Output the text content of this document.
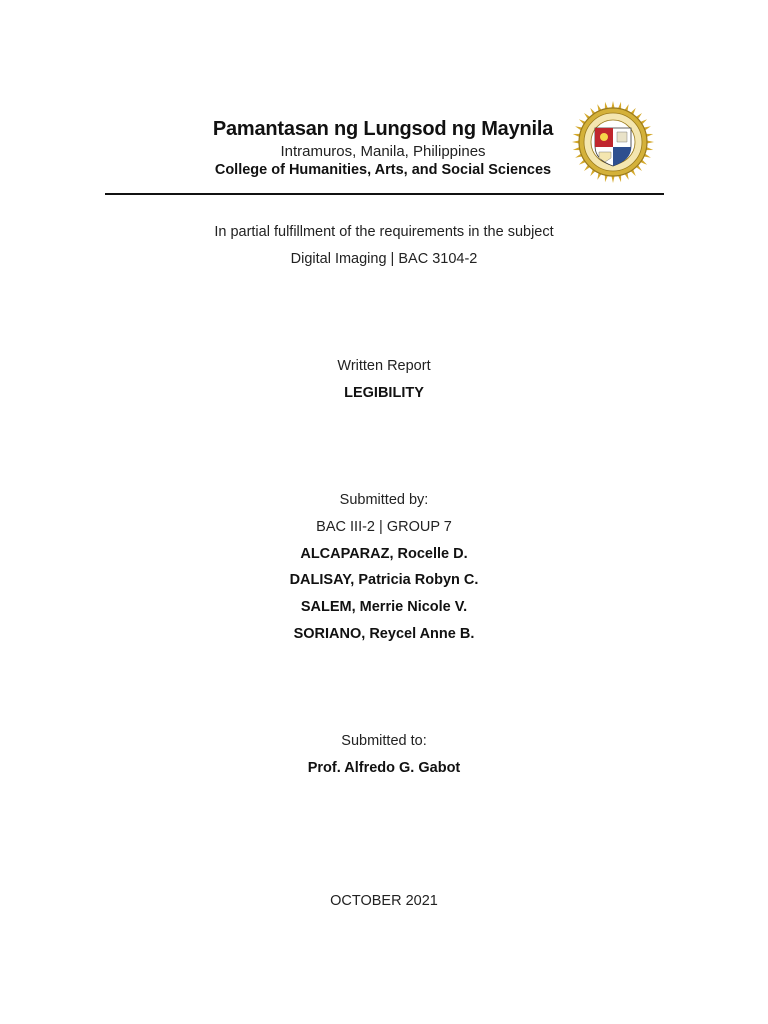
Pamantasan ng Lungsod ng Maynila
Intramuros, Manila, Philippines
College of Humanities, Arts, and Social Sciences
In partial fulfillment of the requirements in the subject
Digital Imaging | BAC 3104-2
Written Report
LEGIBILITY
Submitted by:
BAC III-2 | GROUP 7
ALCAPARAZ, Rocelle D.
DALISAY, Patricia Robyn C.
SALEM, Merrie Nicole V.
SORIANO, Reycel Anne B.
Submitted to:
Prof. Alfredo G. Gabot
OCTOBER 2021
